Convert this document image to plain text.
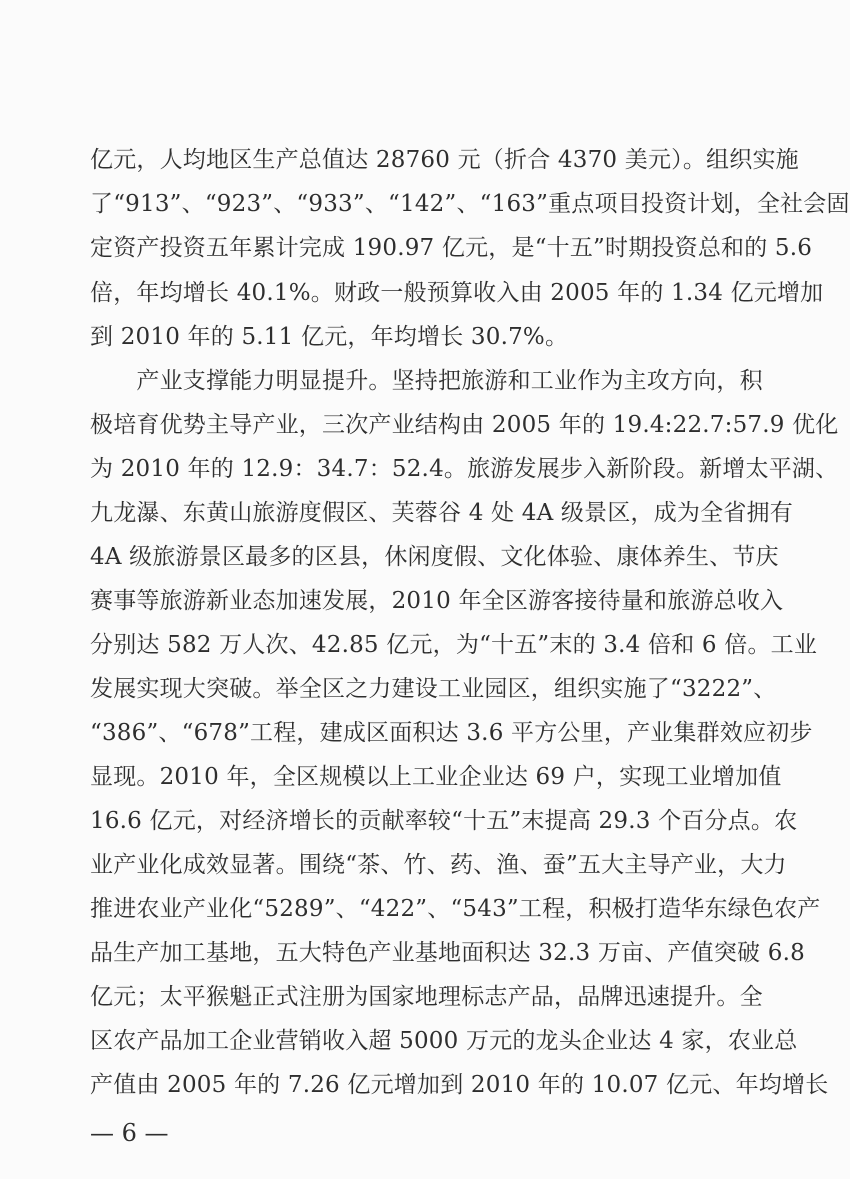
亿元，人均地区生产总值达 28760 元（折合 4370 美元）。组织实施
了“913”、“923”、“933”、“142”、“163”重点项目投资计划，全社会固
定资产投资五年累计完成 190.97 亿元，是“十五”时期投资总和的 5.6
倍，年均增长 40.1%。财政一般预算收入由 2005 年的 1.34 亿元增加
到 2010 年的 5.11 亿元，年均增长 30.7%。
　　产业支撑能力明显提升。坚持把旅游和工业作为主攻方向，积
极培育优势主导产业，三次产业结构由 2005 年的 19.4:22.7:57.9 优化
为 2010 年的 12.9：34.7：52.4。旅游发展步入新阶段。新增太平湖、
九龙瀑、东黄山旅游度假区、芙蓉谷 4 处 4A 级景区，成为全省拥有
4A 级旅游景区最多的区县，休闲度假、文化体验、康体养生、节庆
赛事等旅游新业态加速发展，2010 年全区游客接待量和旅游总收入
分别达 582 万人次、42.85 亿元，为“十五”末的 3.4 倍和 6 倍。工业
发展实现大突破。举全区之力建设工业园区，组织实施了“3222”、
“386”、“678”工程，建成区面积达 3.6 平方公里，产业集群效应初步
显现。2010 年，全区规模以上工业企业达 69 户，实现工业增加值
16.6 亿元，对经济增长的贡献率较“十五”末提高 29.3 个百分点。农
业产业化成效显著。围绕“茶、竹、药、渔、蚕”五大主导产业，大力
推进农业产业化“5289”、“422”、“543”工程，积极打造华东绿色农产
品生产加工基地，五大特色产业基地面积达 32.3 万亩、产值突破 6.8
亿元；太平猴魁正式注册为国家地理标志产品，品牌迅速提升。全
区农产品加工企业营销收入超 5000 万元的龙头企业达 4 家，农业总
产值由 2005 年的 7.26 亿元增加到 2010 年的 10.07 亿元、年均增长
— 6 —
